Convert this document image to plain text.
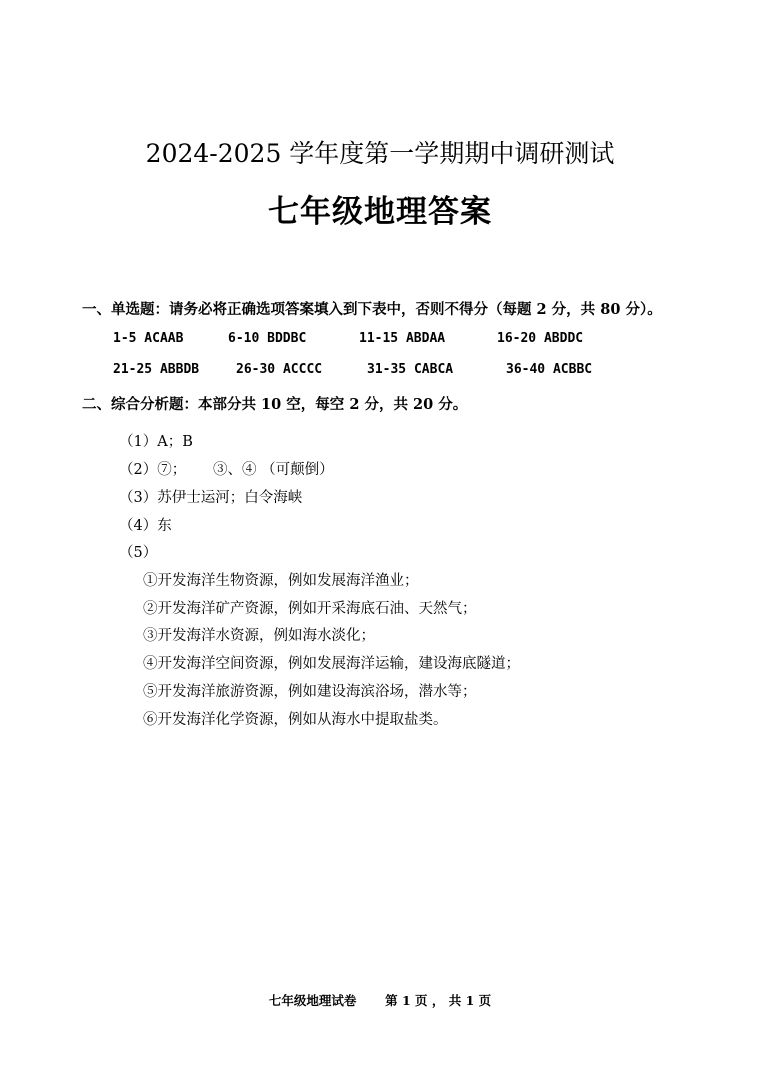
2024-2025 学年度第一学期期中调研测试
七年级地理答案
一、单选题：请务必将正确选项答案填入到下表中，否则不得分（每题 2 分，共 80 分）。
1-5 ACAAB	6-10 BDDBC	11-15 ABDAA	16-20 ABDDC
21-25 ABBDB	26-30 ACCCC	31-35 CABCA	36-40 ACBBC
二、综合分析题：本部分共 10 空，每空 2 分，共 20 分。
（1）A；B
（2）⑦； ③、④ （可颠倒）
（3）苏伊士运河；白令海峡
（4）东
（5）
①开发海洋生物资源，例如发展海洋渔业；
②开发海洋矿产资源，例如开采海底石油、天然气；
③开发海洋水资源，例如海水淡化；
④开发海洋空间资源，例如发展海洋运输，建设海底隧道；
⑤开发海洋旅游资源，例如建设海滨浴场，潜水等；
⑥开发海洋化学资源，例如从海水中提取盐类。
七年级地理试卷 第 1 页 ， 共 1 页
